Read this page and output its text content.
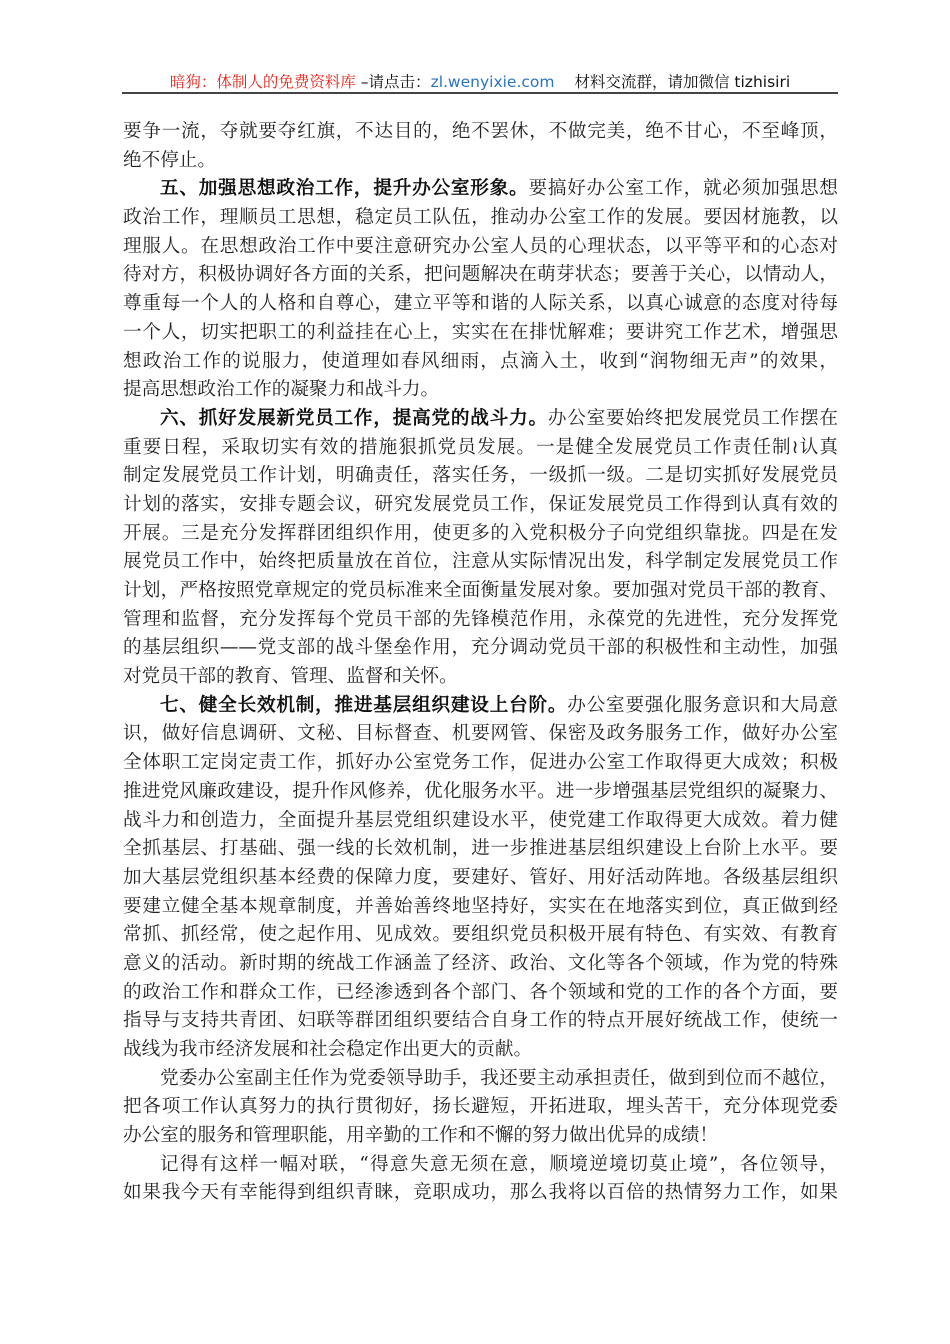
暗狗：体制人的免费资料库 –请点击：zl.wenyixie.com 材料交流群，请加微信 tizhisiri
要争一流，夺就要夺红旗，不达目的，绝不罢休，不做完美，绝不甘心，不至峰顶，
绝不停止。
五、加强思想政治工作，提升办公室形象。要搞好办公室工作，就必须加强思想
政治工作，理顺员工思想，稳定员工队伍，推动办公室工作的发展。要因材施教，以
理服人。在思想政治工作中要注意研究办公室人员的心理状态，以平等平和的心态对
待对方，积极协调好各方面的关系，把问题解决在萌芽状态；要善于关心，以情动人，
尊重每一个人的人格和自尊心，建立平等和谐的人际关系，以真心诚意的态度对待每
一个人，切实把职工的利益挂在心上，实实在在排忧解难；要讲究工作艺术，增强思
想政治工作的说服力，使道理如春风细雨，点滴入土，收到“润物细无声”的效果，
提高思想政治工作的凝聚力和战斗力。
六、抓好发展新党员工作，提高党的战斗力。办公室要始终把发展党员工作摆在
重要日程，采取切实有效的措施狠抓党员发展。一是健全发展党员工作责任制≀认真
制定发展党员工作计划，明确责任，落实任务，一级抓一级。二是切实抓好发展党员
计划的落实，安排专题会议，研究发展党员工作，保证发展党员工作得到认真有效的
开展。三是充分发挥群团组织作用，使更多的入党积极分子向党组织靠拢。四是在发
展党员工作中，始终把质量放在首位，注意从实际情况出发，科学制定发展党员工作
计划，严格按照党章规定的党员标准来全面衡量发展对象。要加强对党员干部的教育、
管理和监督，充分发挥每个党员干部的先锋模范作用，永葆党的先进性，充分发挥党
的基层组织——党支部的战斗堡垒作用，充分调动党员干部的积极性和主动性，加强
对党员干部的教育、管理、监督和关怀。
七、健全长效机制，推进基层组织建设上台阶。办公室要强化服务意识和大局意
识，做好信息调研、文秘、目标督查、机要网管、保密及政务服务工作，做好办公室
全体职工定岗定责工作，抓好办公室党务工作，促进办公室工作取得更大成效；积极
推进党风廉政建设，提升作风修养，优化服务水平。进一步增强基层党组织的凝聚力、
战斗力和创造力，全面提升基层党组织建设水平，使党建工作取得更大成效。着力健
全抓基层、打基础、强一线的长效机制，进一步推进基层组织建设上台阶上水平。要
加大基层党组织基本经费的保障力度，要建好、管好、用好活动阵地。各级基层组织
要建立健全基本规章制度，并善始善终地坚持好，实实在在地落实到位，真正做到经
常抓、抓经常，使之起作用、见成效。要组织党员积极开展有特色、有实效、有教育
意义的活动。新时期的统战工作涵盖了经济、政治、文化等各个领域，作为党的特殊
的政治工作和群众工作，已经渗透到各个部门、各个领域和党的工作的各个方面，要
指导与支持共青团、妇联等群团组织要结合自身工作的特点开展好统战工作，使统一
战线为我市经济发展和社会稳定作出更大的贡献。
党委办公室副主任作为党委领导助手，我还要主动承担责任，做到到位而不越位，
把各项工作认真努力的执行贯彻好，扬长避短，开拓进取，埋头苦干，充分体现党委
办公室的服务和管理职能，用辛勤的工作和不懈的努力做出优异的成绩！
记得有这样一幅对联，“得意失意无须在意，顺境逆境切莫止境”，各位领导，
如果我今天有幸能得到组织青睐，竞职成功，那么我将以百倍的热情努力工作，如果
